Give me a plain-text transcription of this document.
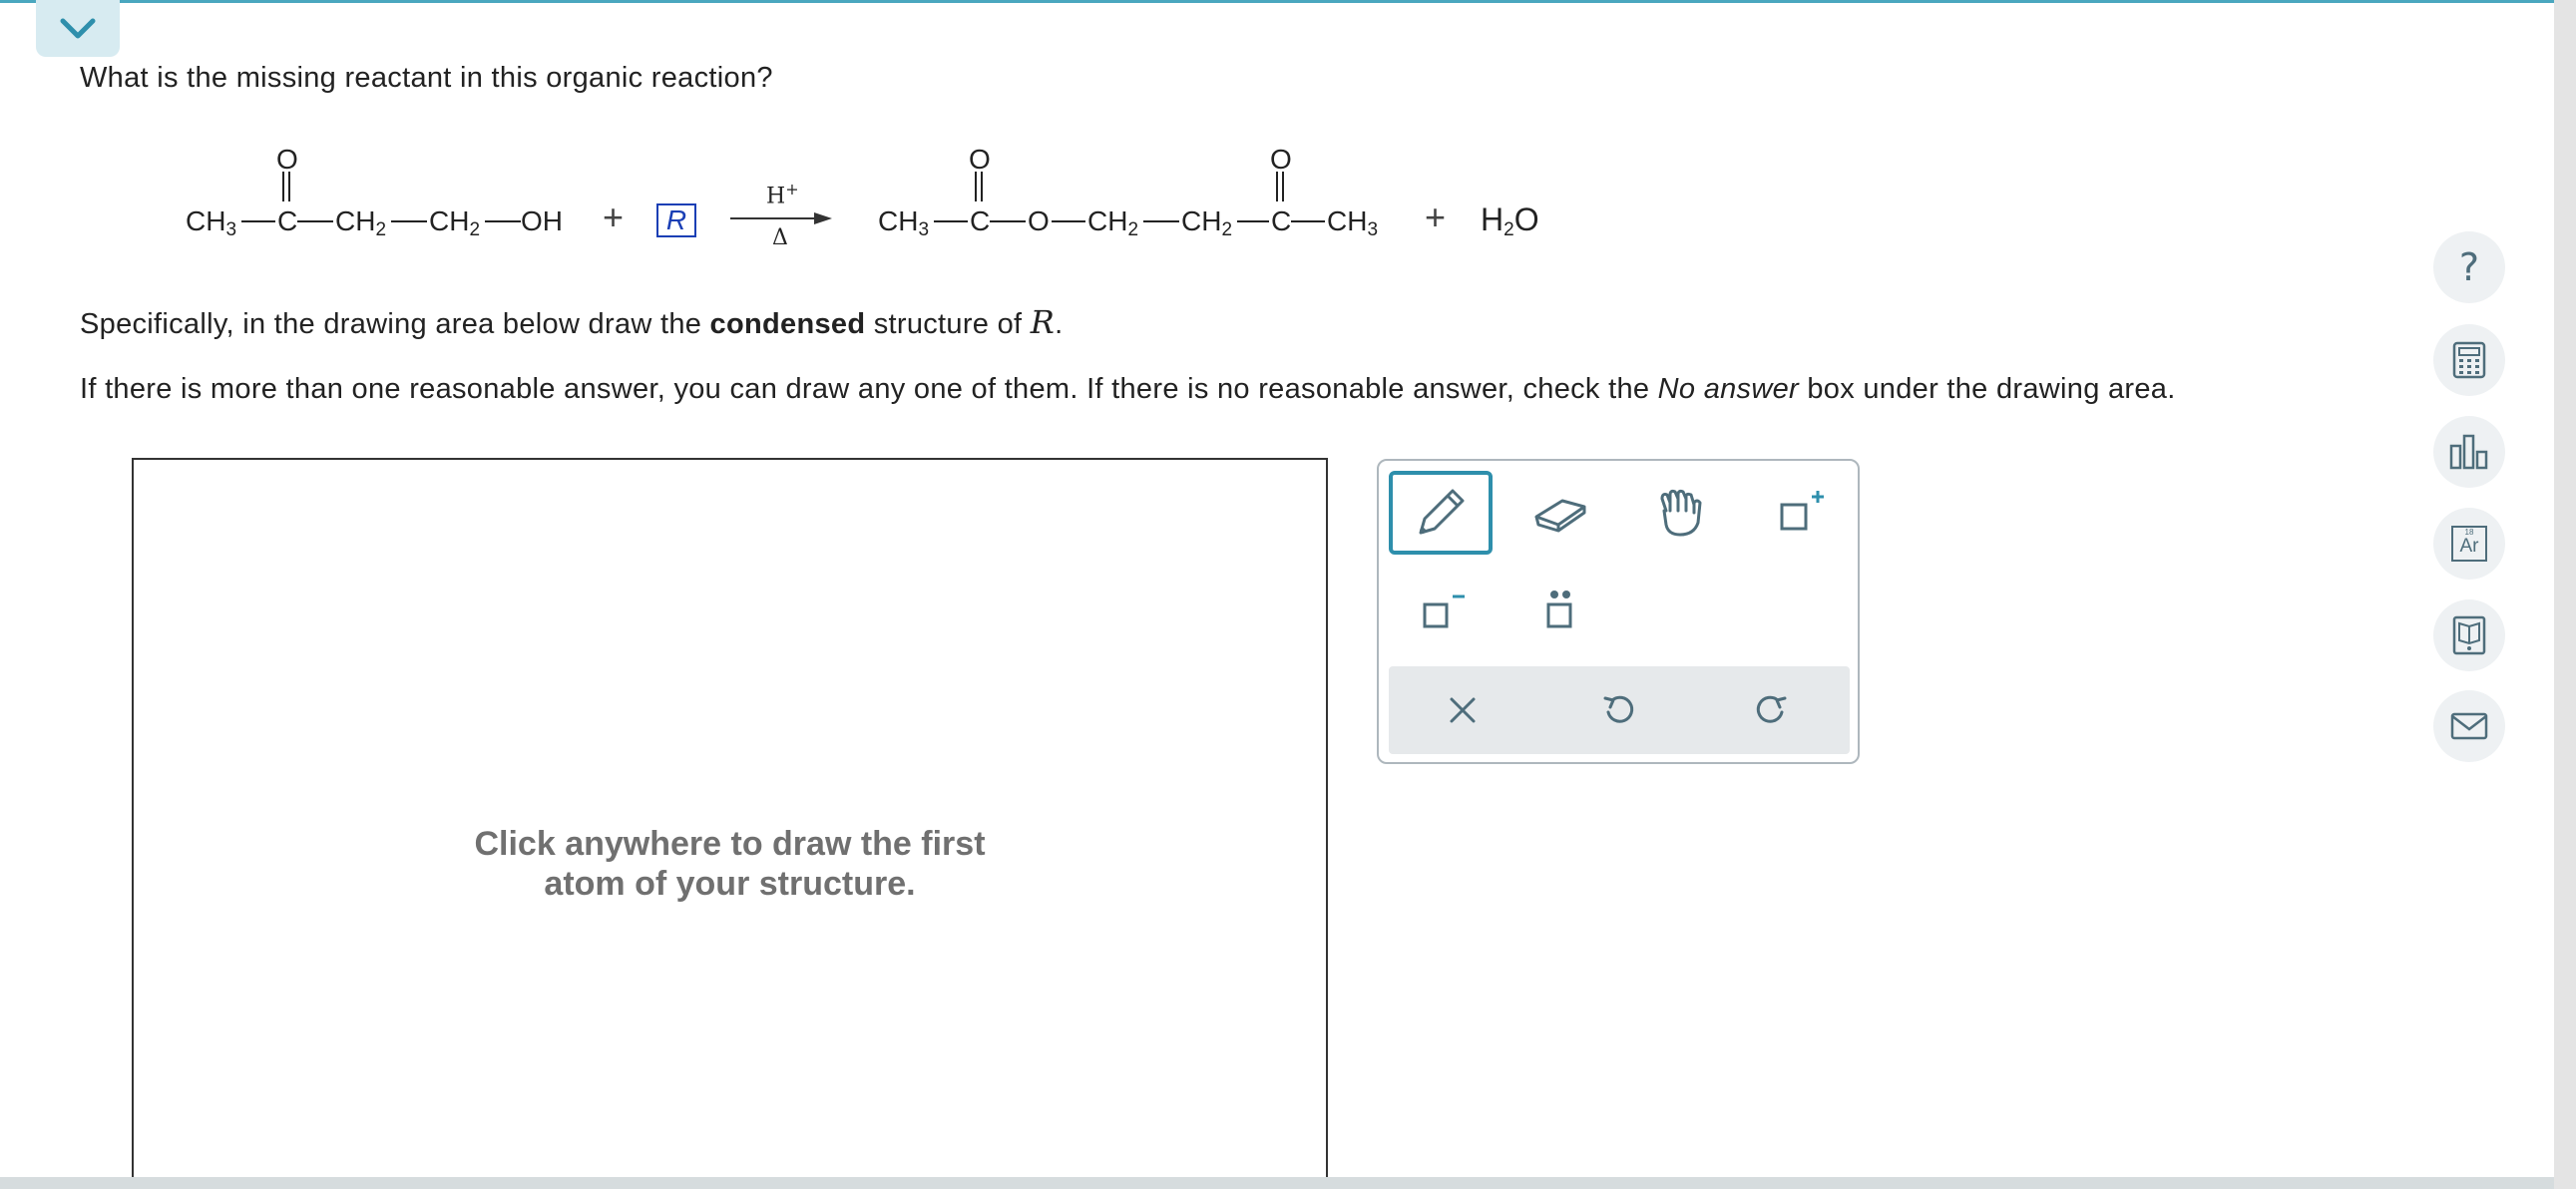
What is the missing reactant in this organic reaction?
$CH_3$ C
O
$CH_2$ $CH_2$ OH +	R
H+
Δ
$CH_3$ C
O
O $CH_2$ $CH_2$ C
O
$CH_3 + H_2O$
Specifically, in the drawing area below draw the condensed structure of R.
If there is more than one reasonable answer, you can draw any one of them. If there is no reasonable answer, check the No answer box under the drawing area.
Click anywhere to draw the first
atom of your structure.
?
18
Ar
